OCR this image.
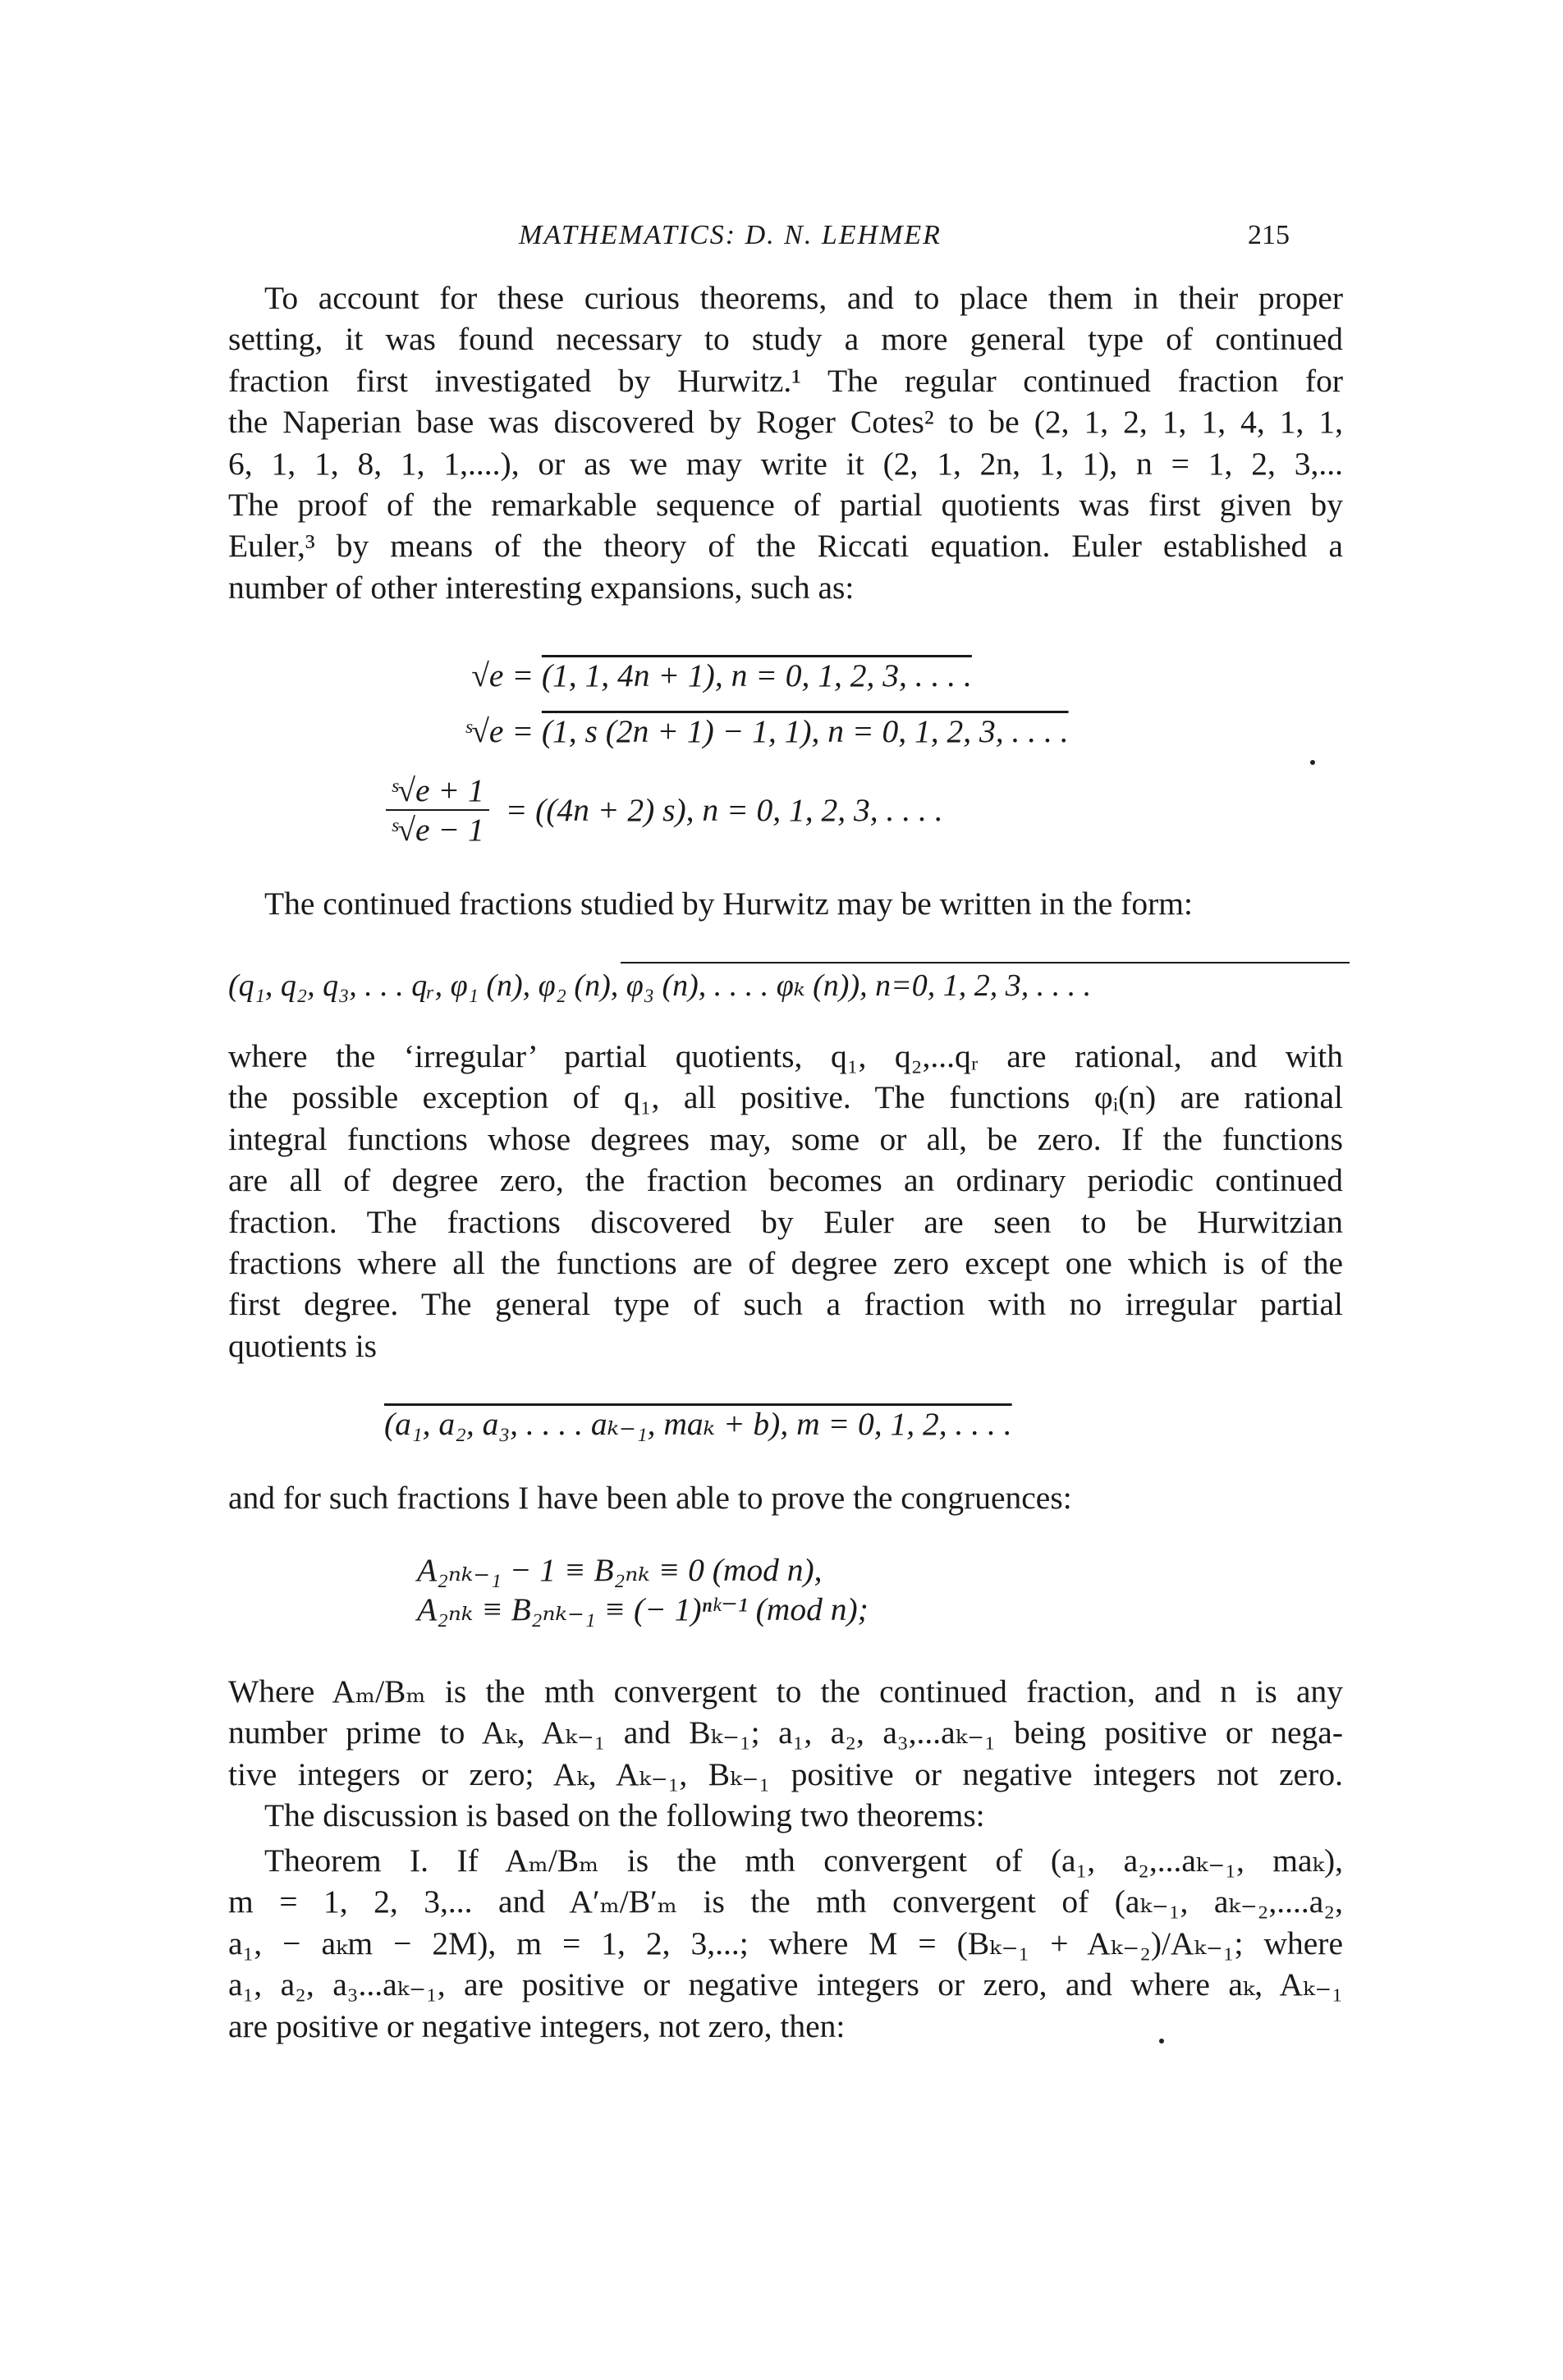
MATHEMATICS: D. N. LEHMER	215
To account for these curious theorems, and to place them in their proper
setting, it was found necessary to study a more general type of continued
fraction first investigated by Hurwitz.¹ The regular continued fraction for
the Naperian base was discovered by Roger Cotes² to be (2, 1, 2, 1, 1, 4, 1, 1,
6, 1, 1, 8, 1, 1,....), or as we may write it (2, 1, 2n, 1, 1), n = 1, 2, 3,...
The proof of the remarkable sequence of partial quotients was first given by
Euler,³ by means of the theory of the Riccati equation. Euler established a
number of other interesting expansions, such as:
√e = (1, 1, 4n + 1), n = 0, 1, 2, 3, . . . .
ˢ√e = (1, s (2n + 1) − 1, 1), n = 0, 1, 2, 3, . . . .
$\frac{\text{ˢ√e + 1}}{\text{ˢ√e − 1}} = ((4n + 2)$ s), n = 0, 1, 2, 3, . . . .
The continued fractions studied by Hurwitz may be written in the form:
(q₁, q₂, q₃, . . . qᵣ, φ₁ (n), φ₂ (n), φ₃ (n), . . . . φₖ (n)), n=0, 1, 2, 3, . . . .
where the ‘irregular’ partial quotients, q₁, q₂,...qᵣ are rational, and with
the possible exception of q₁, all positive. The functions φᵢ(n) are rational
integral functions whose degrees may, some or all, be zero. If the functions
are all of degree zero, the fraction becomes an ordinary periodic continued
fraction. The fractions discovered by Euler are seen to be Hurwitzian
fractions where all the functions are of degree zero except one which is of the
first degree. The general type of such a fraction with no irregular partial
quotients is
(a₁, a₂, a₃, . . . . aₖ₋₁, maₖ + b), m = 0, 1, 2, . . . .
and for such fractions I have been able to prove the congruences:
A₂ₙₖ₋₁ − 1 ≡ B₂ₙₖ ≡ 0 (mod n),
A₂ₙₖ ≡ B₂ₙₖ₋₁ ≡ (− 1)ⁿᵏ⁻¹ (mod n);
Where Aₘ/Bₘ is the mth convergent to the continued fraction, and n is any
number prime to Aₖ, Aₖ₋₁ and Bₖ₋₁; a₁, a₂, a₃,...aₖ₋₁ being positive or nega-
tive integers or zero; Aₖ, Aₖ₋₁, Bₖ₋₁ positive or negative integers not zero.
The discussion is based on the following two theorems:
Theorem I. If Aₘ/Bₘ is the mth convergent of (a₁, a₂,...aₖ₋₁, maₖ),
m = 1, 2, 3,... and A′ₘ/B′ₘ is the mth convergent of (aₖ₋₁, aₖ₋₂,....a₂,
a₁, − aₖm − 2M), m = 1, 2, 3,...; where M = (Bₖ₋₁ + Aₖ₋₂)/Aₖ₋₁; where
a₁, a₂, a₃...aₖ₋₁, are positive or negative integers or zero, and where aₖ, Aₖ₋₁
are positive or negative integers, not zero, then:
